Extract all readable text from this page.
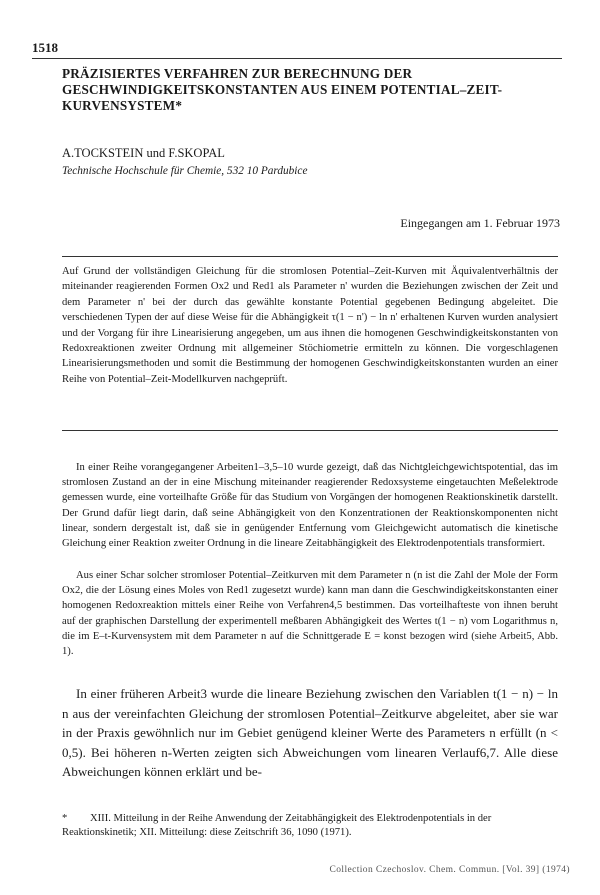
1518
PRÄZISIERTES VERFAHREN ZUR BERECHNUNG DER GESCHWINDIGKEITSKONSTANTEN AUS EINEM POTENTIAL–ZEIT-KURVENSYSTEM*
A.TOCKSTEIN und F.SKOPAL
Technische Hochschule für Chemie, 532 10 Pardubice
Eingegangen am 1. Februar 1973
Auf Grund der vollständigen Gleichung für die stromlosen Potential–Zeit-Kurven mit Äquivalentverhältnis der miteinander reagierenden Formen Ox2 und Red1 als Parameter n' wurden die Beziehungen zwischen der Zeit und dem Parameter n' bei der durch das gewählte konstante Potential gegebenen Bedingung abgeleitet. Die verschiedenen Typen der auf diese Weise für die Abhängigkeit τ(1 − n') − ln n' erhaltenen Kurven wurden analysiert und der Vorgang für ihre Linearisierung angegeben, um aus ihnen die homogenen Geschwindigkeitskonstanten von Redoxreaktionen zweiter Ordnung mit allgemeiner Stöchiometrie ermitteln zu können. Die vorgeschlagenen Linearisierungsmethoden und somit die Bestimmung der homogenen Geschwindigkeitskonstanten wurden an einer Reihe von Potential–Zeit-Modellkurven nachgeprüft.
In einer Reihe vorangegangener Arbeiten1–3,5–10 wurde gezeigt, daß das Nichtgleichgewichtspotential, das im stromlosen Zustand an der in eine Mischung miteinander reagierender Redoxsysteme eingetauchten Meßelektrode gemessen wurde, eine vorteilhafte Größe für das Studium von Vorgängen der homogenen Reaktionskinetik darstellt. Der Grund dafür liegt darin, daß seine Abhängigkeit von den Konzentrationen der Reaktionskomponenten nicht linear, sondern dergestalt ist, daß sie in genügender Entfernung vom Gleichgewicht automatisch die kinetische Gleichung einer Reaktion zweiter Ordnung in die lineare Zeitabhängigkeit des Elektrodenpotentials transformiert.
Aus einer Schar solcher stromloser Potential–Zeitkurven mit dem Parameter n (n ist die Zahl der Mole der Form Ox2, die der Lösung eines Moles von Red1 zugesetzt wurde) kann man dann die Geschwindigkeitskonstanten einer homogenen Redoxreaktion mittels einer Reihe von Verfahren4,5 bestimmen. Das vorteilhafteste von ihnen beruht auf der graphischen Darstellung der experimentell meßbaren Abhängigkeit des Wertes t(1 − n) vom Logarithmus n, die im E–t-Kurvensystem mit dem Parameter n auf die Schnittgerade E = konst bezogen wird (siehe Arbeit5, Abb. 1).
In einer früheren Arbeit3 wurde die lineare Beziehung zwischen den Variablen t(1 − n) − ln n aus der vereinfachten Gleichung der stromlosen Potential–Zeitkurve abgeleitet, aber sie war in der Praxis gewöhnlich nur im Gebiet genügend kleiner Werte des Parameters n erfüllt (n < 0,5). Bei höheren n-Werten zeigten sich Abweichungen vom linearen Verlauf6,7. Alle diese Abweichungen können erklärt und be-
* XIII. Mitteilung in der Reihe Anwendung der Zeitabhängigkeit des Elektrodenpotentials in der Reaktionskinetik; XII. Mitteilung: diese Zeitschrift 36, 1090 (1971).
Collection Czechoslov. Chem. Commun. [Vol. 39] (1974)
